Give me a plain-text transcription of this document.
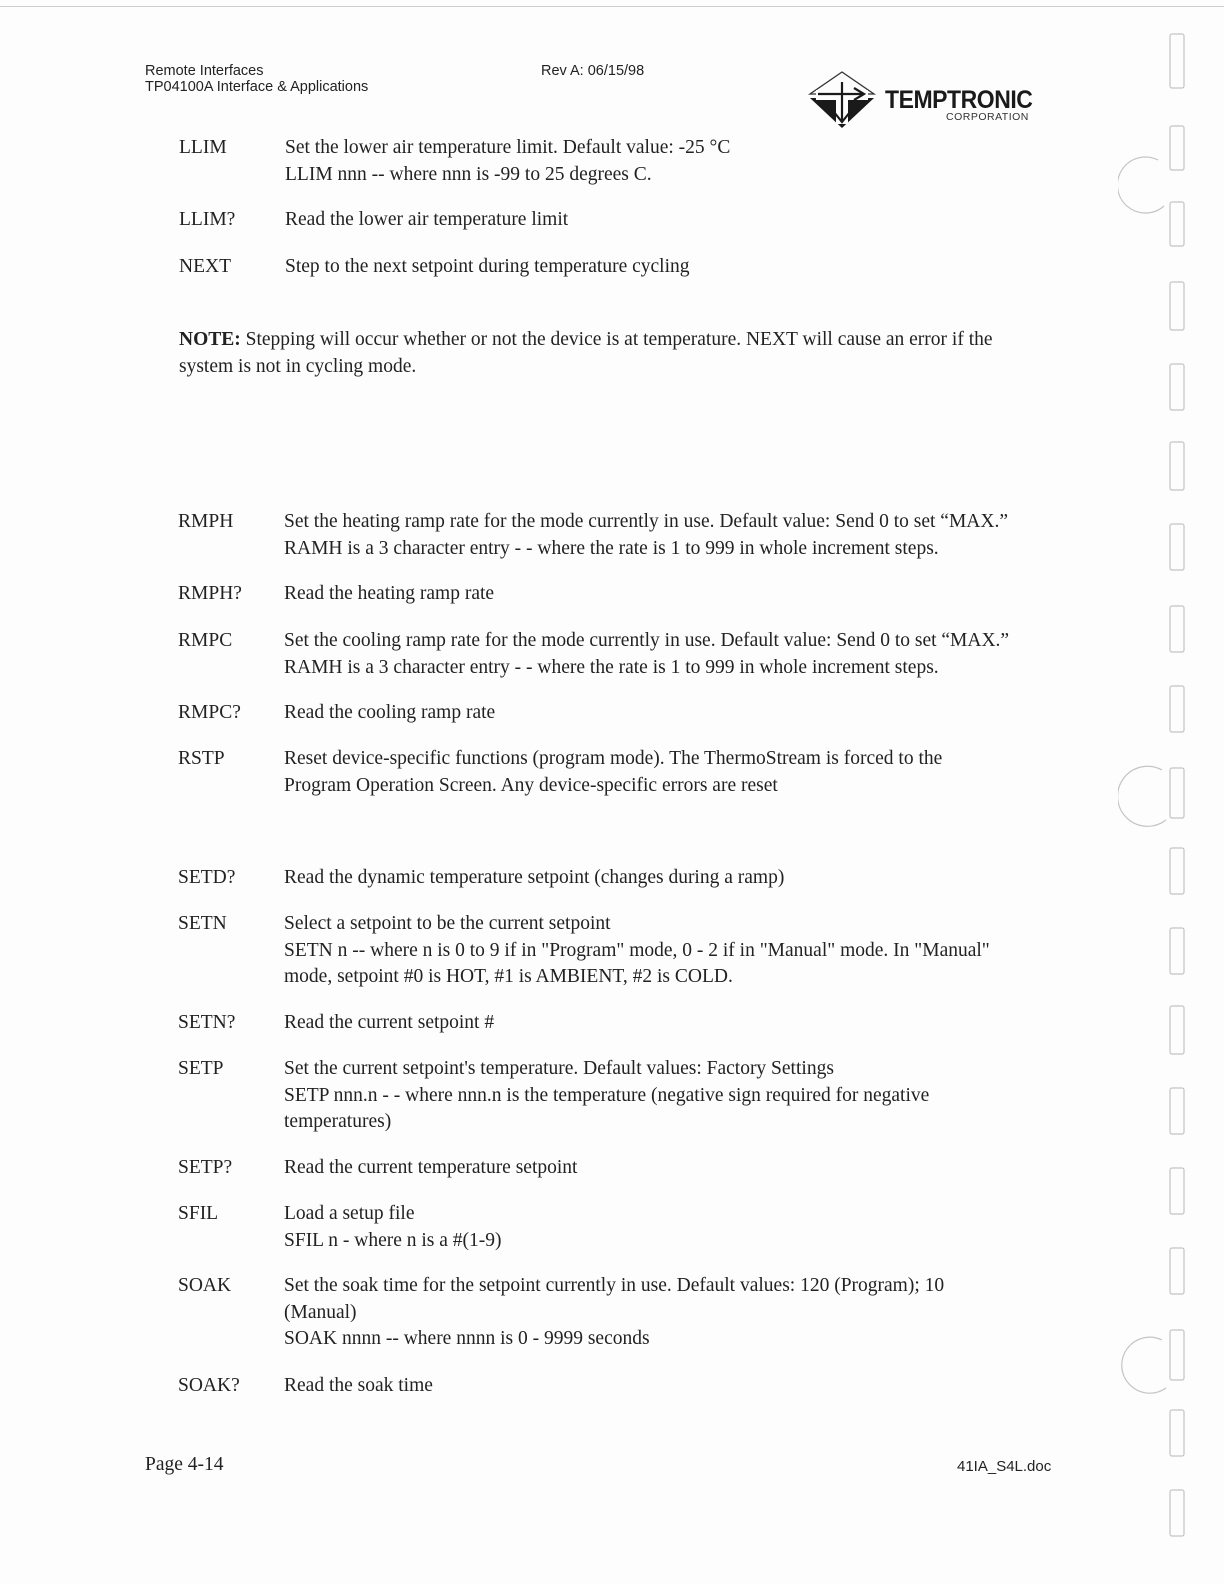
Remote Interfaces
TP04100A Interface & Applications
Rev A: 06/15/98
TEMPTRONIC
CORPORATION
LLIM	Set the lower air temperature limit. Default value: -25 °C
LLIM nnn -- where nnn is -99 to 25 degrees C.
LLIM?	Read the lower air temperature limit
NEXT	Step to the next setpoint during temperature cycling
NOTE: Stepping will occur whether or not the device is at temperature. NEXT will cause an error if the
system is not in cycling mode.
RMPH	Set the heating ramp rate for the mode currently in use. Default value: Send 0 to set “MAX.”
RAMH is a 3 character entry - - where the rate is 1 to 999 in whole increment steps.
RMPH? Read the heating ramp rate
RMPC	Set the cooling ramp rate for the mode currently in use. Default value: Send 0 to set “MAX.”
RAMH is a 3 character entry - - where the rate is 1 to 999 in whole increment steps.
RMPC? Read the cooling ramp rate
RSTP	Reset device-specific functions (program mode). The ThermoStream is forced to the
Program Operation Screen. Any device-specific errors are reset
SETD? Read the dynamic temperature setpoint (changes during a ramp)
SETN	Select a setpoint to be the current setpoint
SETN n -- where n is 0 to 9 if in "Program" mode, 0 - 2 if in "Manual" mode. In "Manual"
mode, setpoint #0 is HOT, #1 is AMBIENT, #2 is COLD.
SETN? Read the current setpoint #
SETP	Set the current setpoint's temperature. Default values: Factory Settings
SETP nnn.n - - where nnn.n is the temperature (negative sign required for negative
temperatures)
SETP?	Read the current temperature setpoint
SFIL	Load a setup file
SFIL n - where n is a #(1-9)
SOAK	Set the soak time for the setpoint currently in use. Default values: 120 (Program); 10
(Manual)
SOAK nnnn -- where nnnn is 0 - 9999 seconds
SOAK? Read the soak time
Page 4-14	41IA_S4L.doc
